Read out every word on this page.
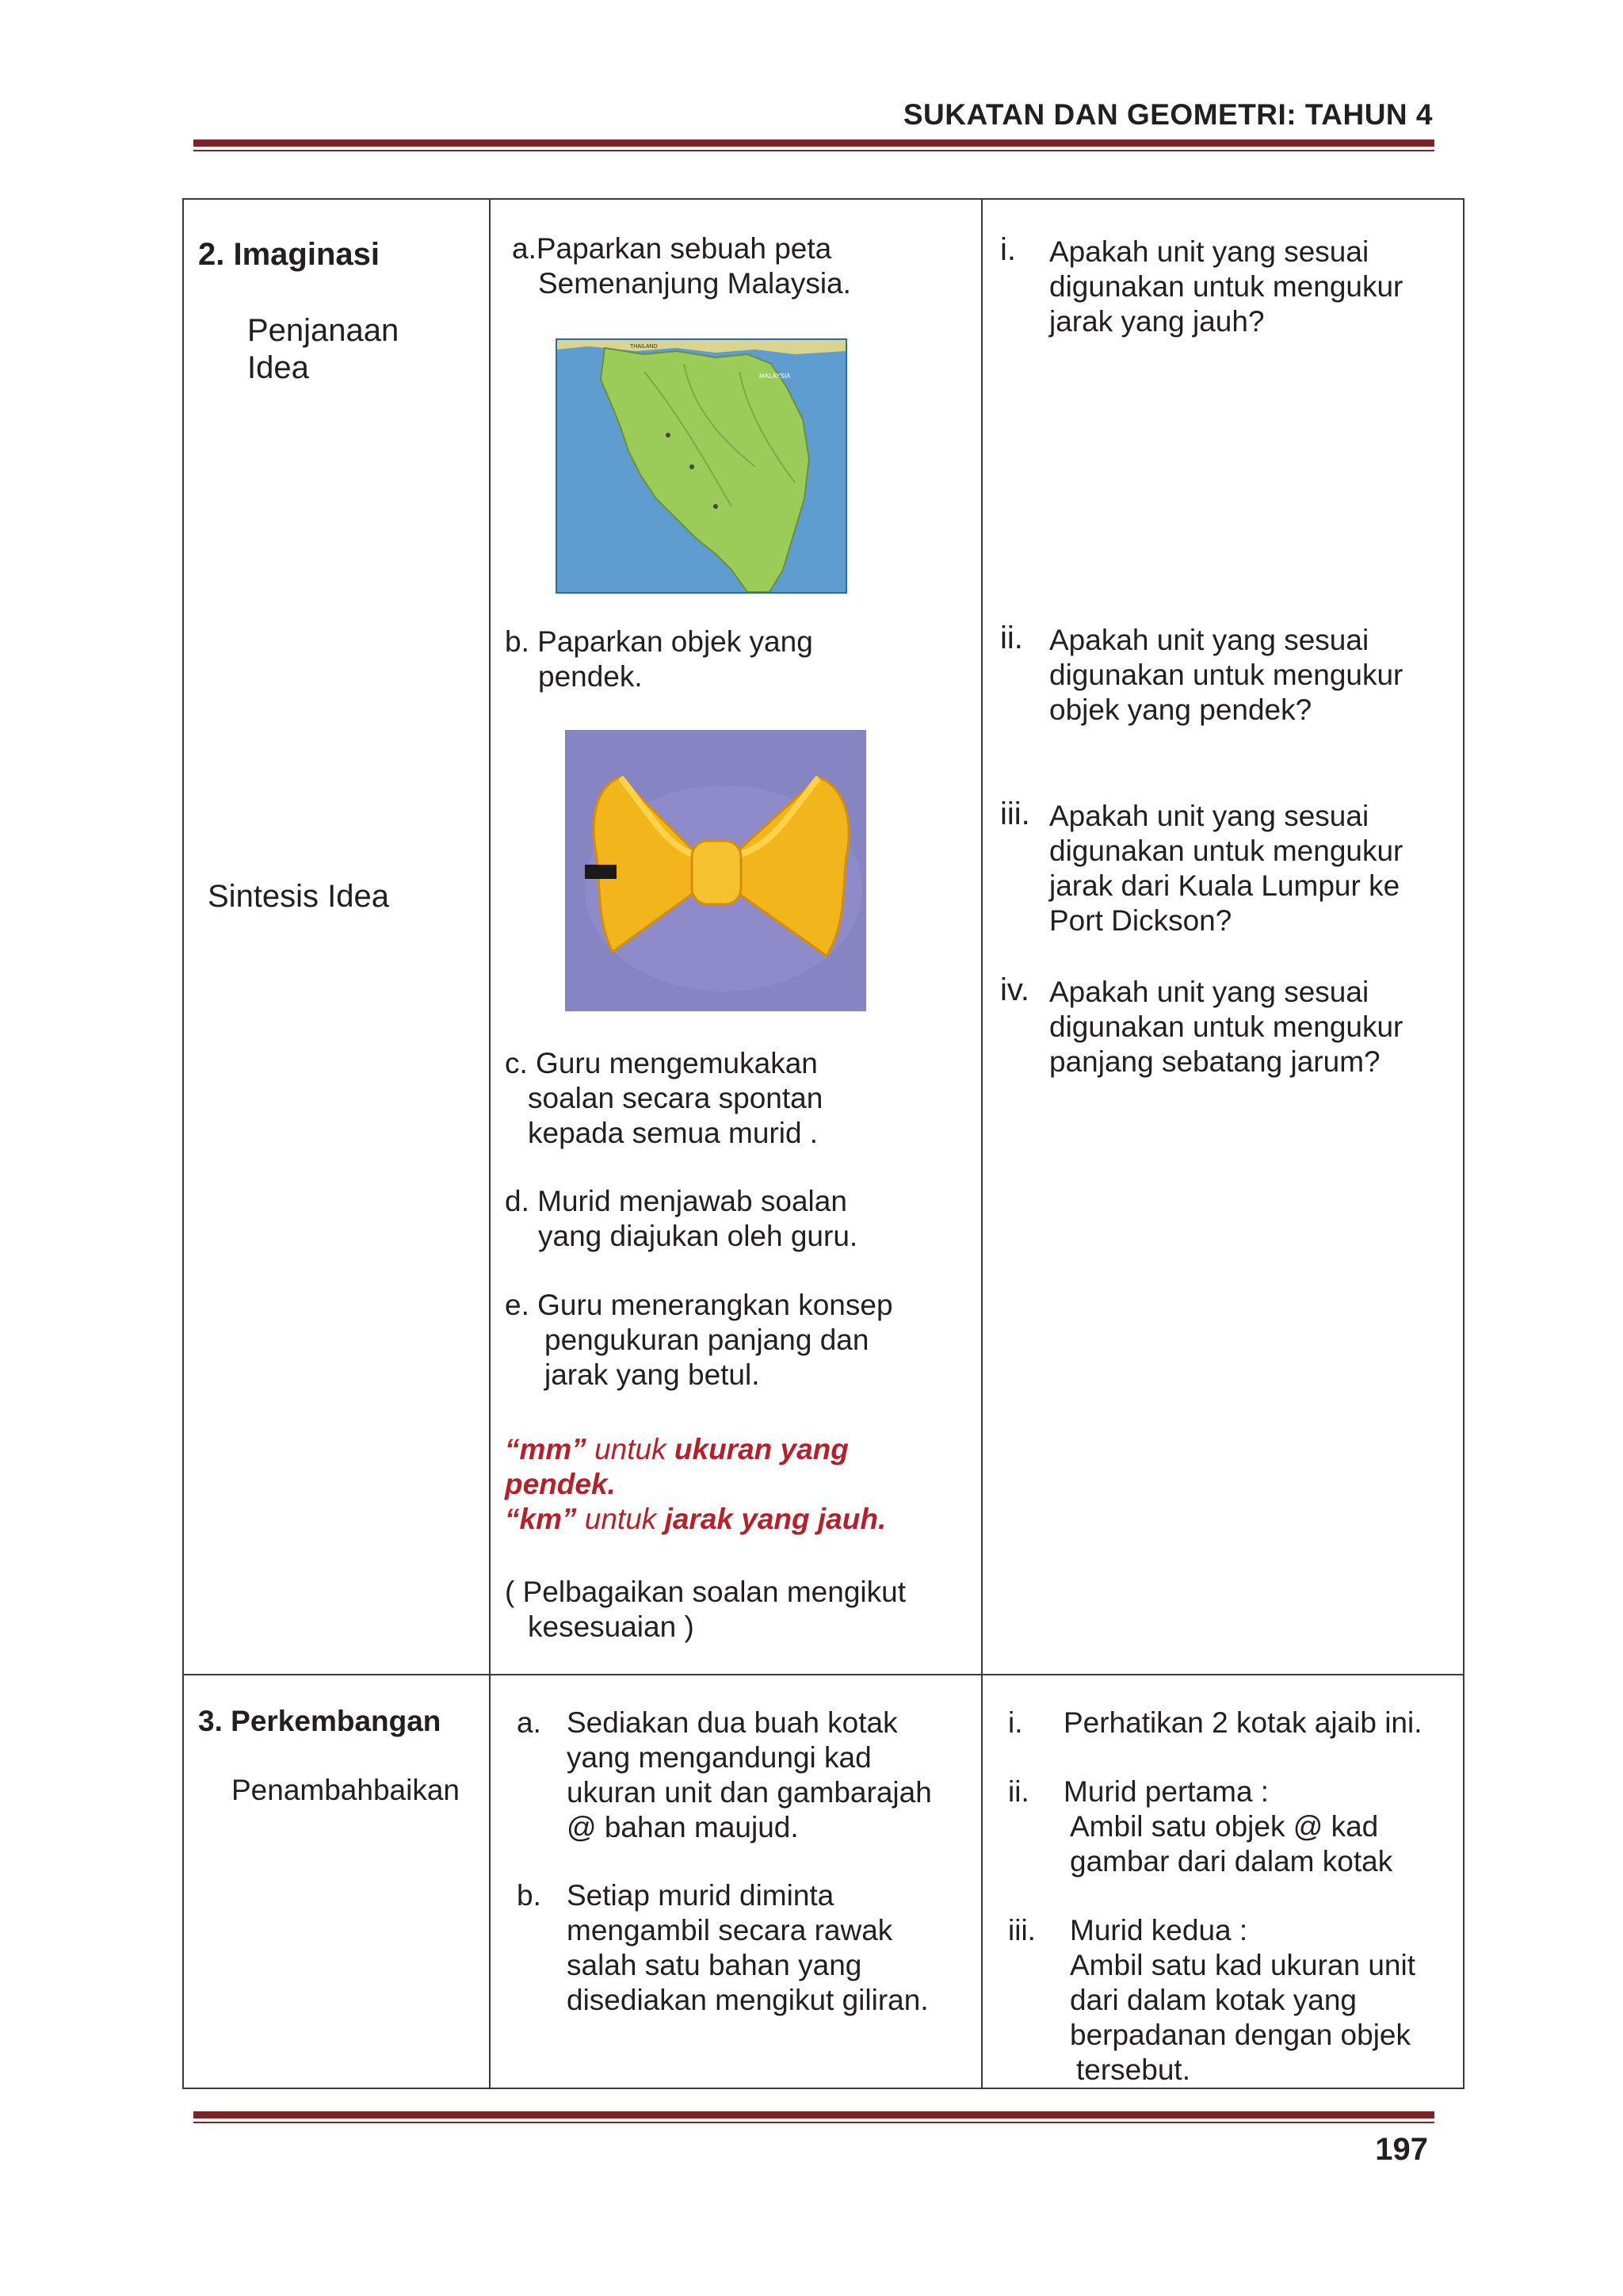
SUKATAN DAN GEOMETRI: TAHUN 4
2. Imaginasi
Penjanaan
Idea
Sintesis Idea
a.Paparkan sebuah peta
Semenanjung Malaysia.
THAILAND
MALAYSIA
b. Paparkan objek yang
pendek.
c. Guru mengemukakan
soalan secara spontan
kepada semua murid .
d. Murid menjawab soalan
yang diajukan oleh guru.
e. Guru menerangkan konsep
pengukuran panjang dan
jarak yang betul.
“mm” untuk ukuran yang
pendek.
“km” untuk jarak yang jauh.
( Pelbagaikan soalan mengikut
kesesuaian )
i. Apakah unit yang sesuai
digunakan untuk mengukur
jarak yang jauh?
ii. Apakah unit yang sesuai
digunakan untuk mengukur
objek yang pendek?
iii. Apakah unit yang sesuai
digunakan untuk mengukur
jarak dari Kuala Lumpur ke
Port Dickson?
iv. Apakah unit yang sesuai
digunakan untuk mengukur
panjang sebatang jarum?
3. Perkembangan
Penambahbaikan
a. Sediakan dua buah kotak
yang mengandungi kad
ukuran unit dan gambarajah
@ bahan maujud.
b. Setiap murid diminta
mengambil secara rawak
salah satu bahan yang
disediakan mengikut giliran.
i. Perhatikan 2 kotak ajaib ini.
ii. Murid pertama :
Ambil satu objek @ kad
gambar dari dalam kotak
iii. Murid kedua :
Ambil satu kad ukuran unit
dari dalam kotak yang
berpadanan dengan objek
tersebut.
197
